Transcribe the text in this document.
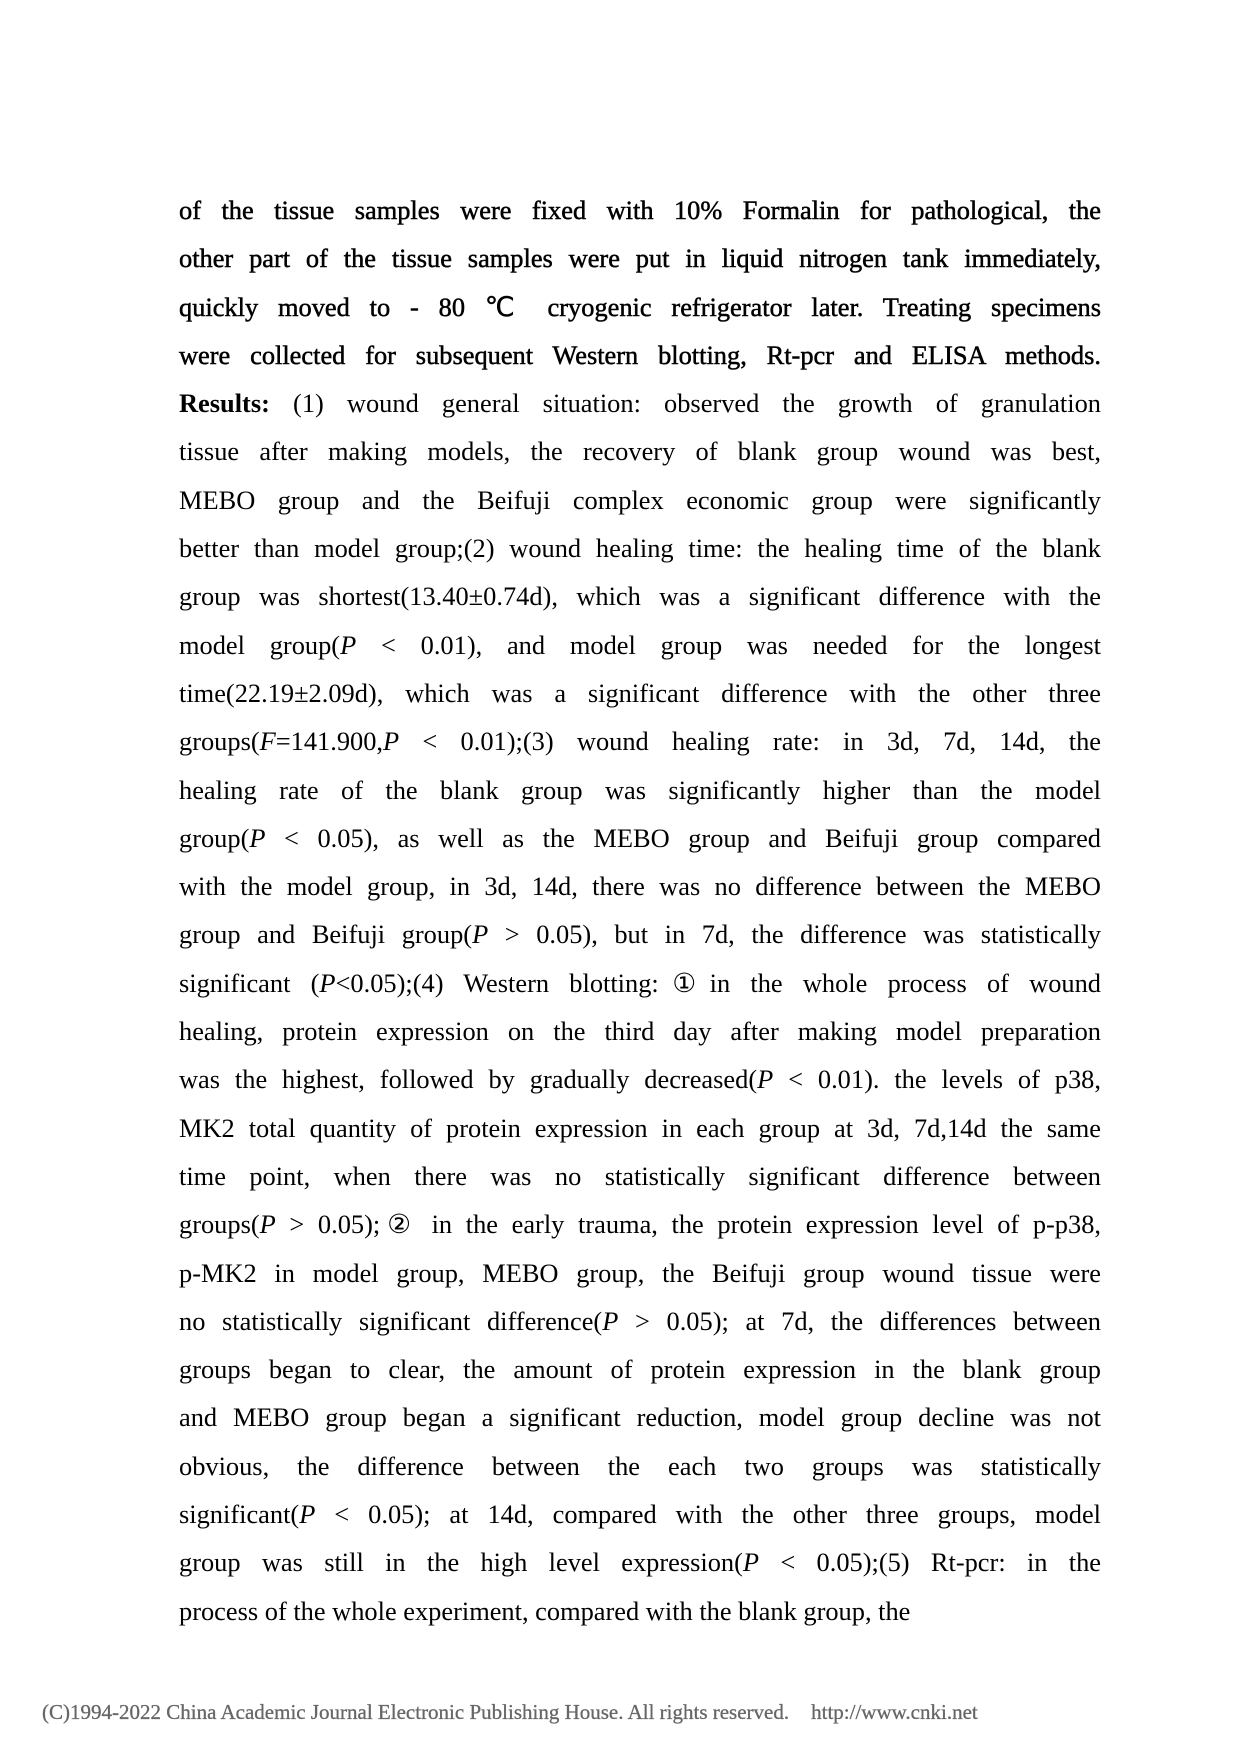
of the tissue samples were fixed with 10% Formalin for pathological, the
other part of the tissue samples were put in liquid nitrogen tank immediately,
quickly moved to - 80 ℃ cryogenic refrigerator later. Treating specimens
were collected for subsequent Western blotting, Rt-pcr and ELISA methods.
Results: (1) wound general situation: observed the growth of granulation
tissue after making models, the recovery of blank group wound was best,
MEBO group and the Beifuji complex economic group were significantly
better than model group;(2) wound healing time: the healing time of the blank
group was shortest(13.40±0.74d), which was a significant difference with the
model group(P < 0.01), and model group was needed for the longest
time(22.19±2.09d), which was a significant difference with the other three
groups(F=141.900,P < 0.01);(3) wound healing rate: in 3d, 7d, 14d, the
healing rate of the blank group was significantly higher than the model
group(P < 0.05), as well as the MEBO group and Beifuji group compared
with the model group, in 3d, 14d, there was no difference between the MEBO
group and Beifuji group(P > 0.05), but in 7d, the difference was statistically
significant (P<0.05);(4) Western blotting:①in the whole process of wound
healing, protein expression on the third day after making model preparation
was the highest, followed by gradually decreased(P < 0.01). the levels of p38,
MK2 total quantity of protein expression in each group at 3d, 7d,14d the same
time point, when there was no statistically significant difference between
groups(P > 0.05);② in the early trauma, the protein expression level of p-p38,
p-MK2 in model group, MEBO group, the Beifuji group wound tissue were
no statistically significant difference(P > 0.05); at 7d, the differences between
groups began to clear, the amount of protein expression in the blank group
and MEBO group began a significant reduction, model group decline was not
obvious, the difference between the each two groups was statistically
significant(P < 0.05); at 14d, compared with the other three groups, model
group was still in the high level expression(P < 0.05);(5) Rt-pcr: in the
process of the whole experiment, compared with the blank group, the
(C)1994-2022 China Academic Journal Electronic Publishing House. All rights reserved. http://www.cnki.net
